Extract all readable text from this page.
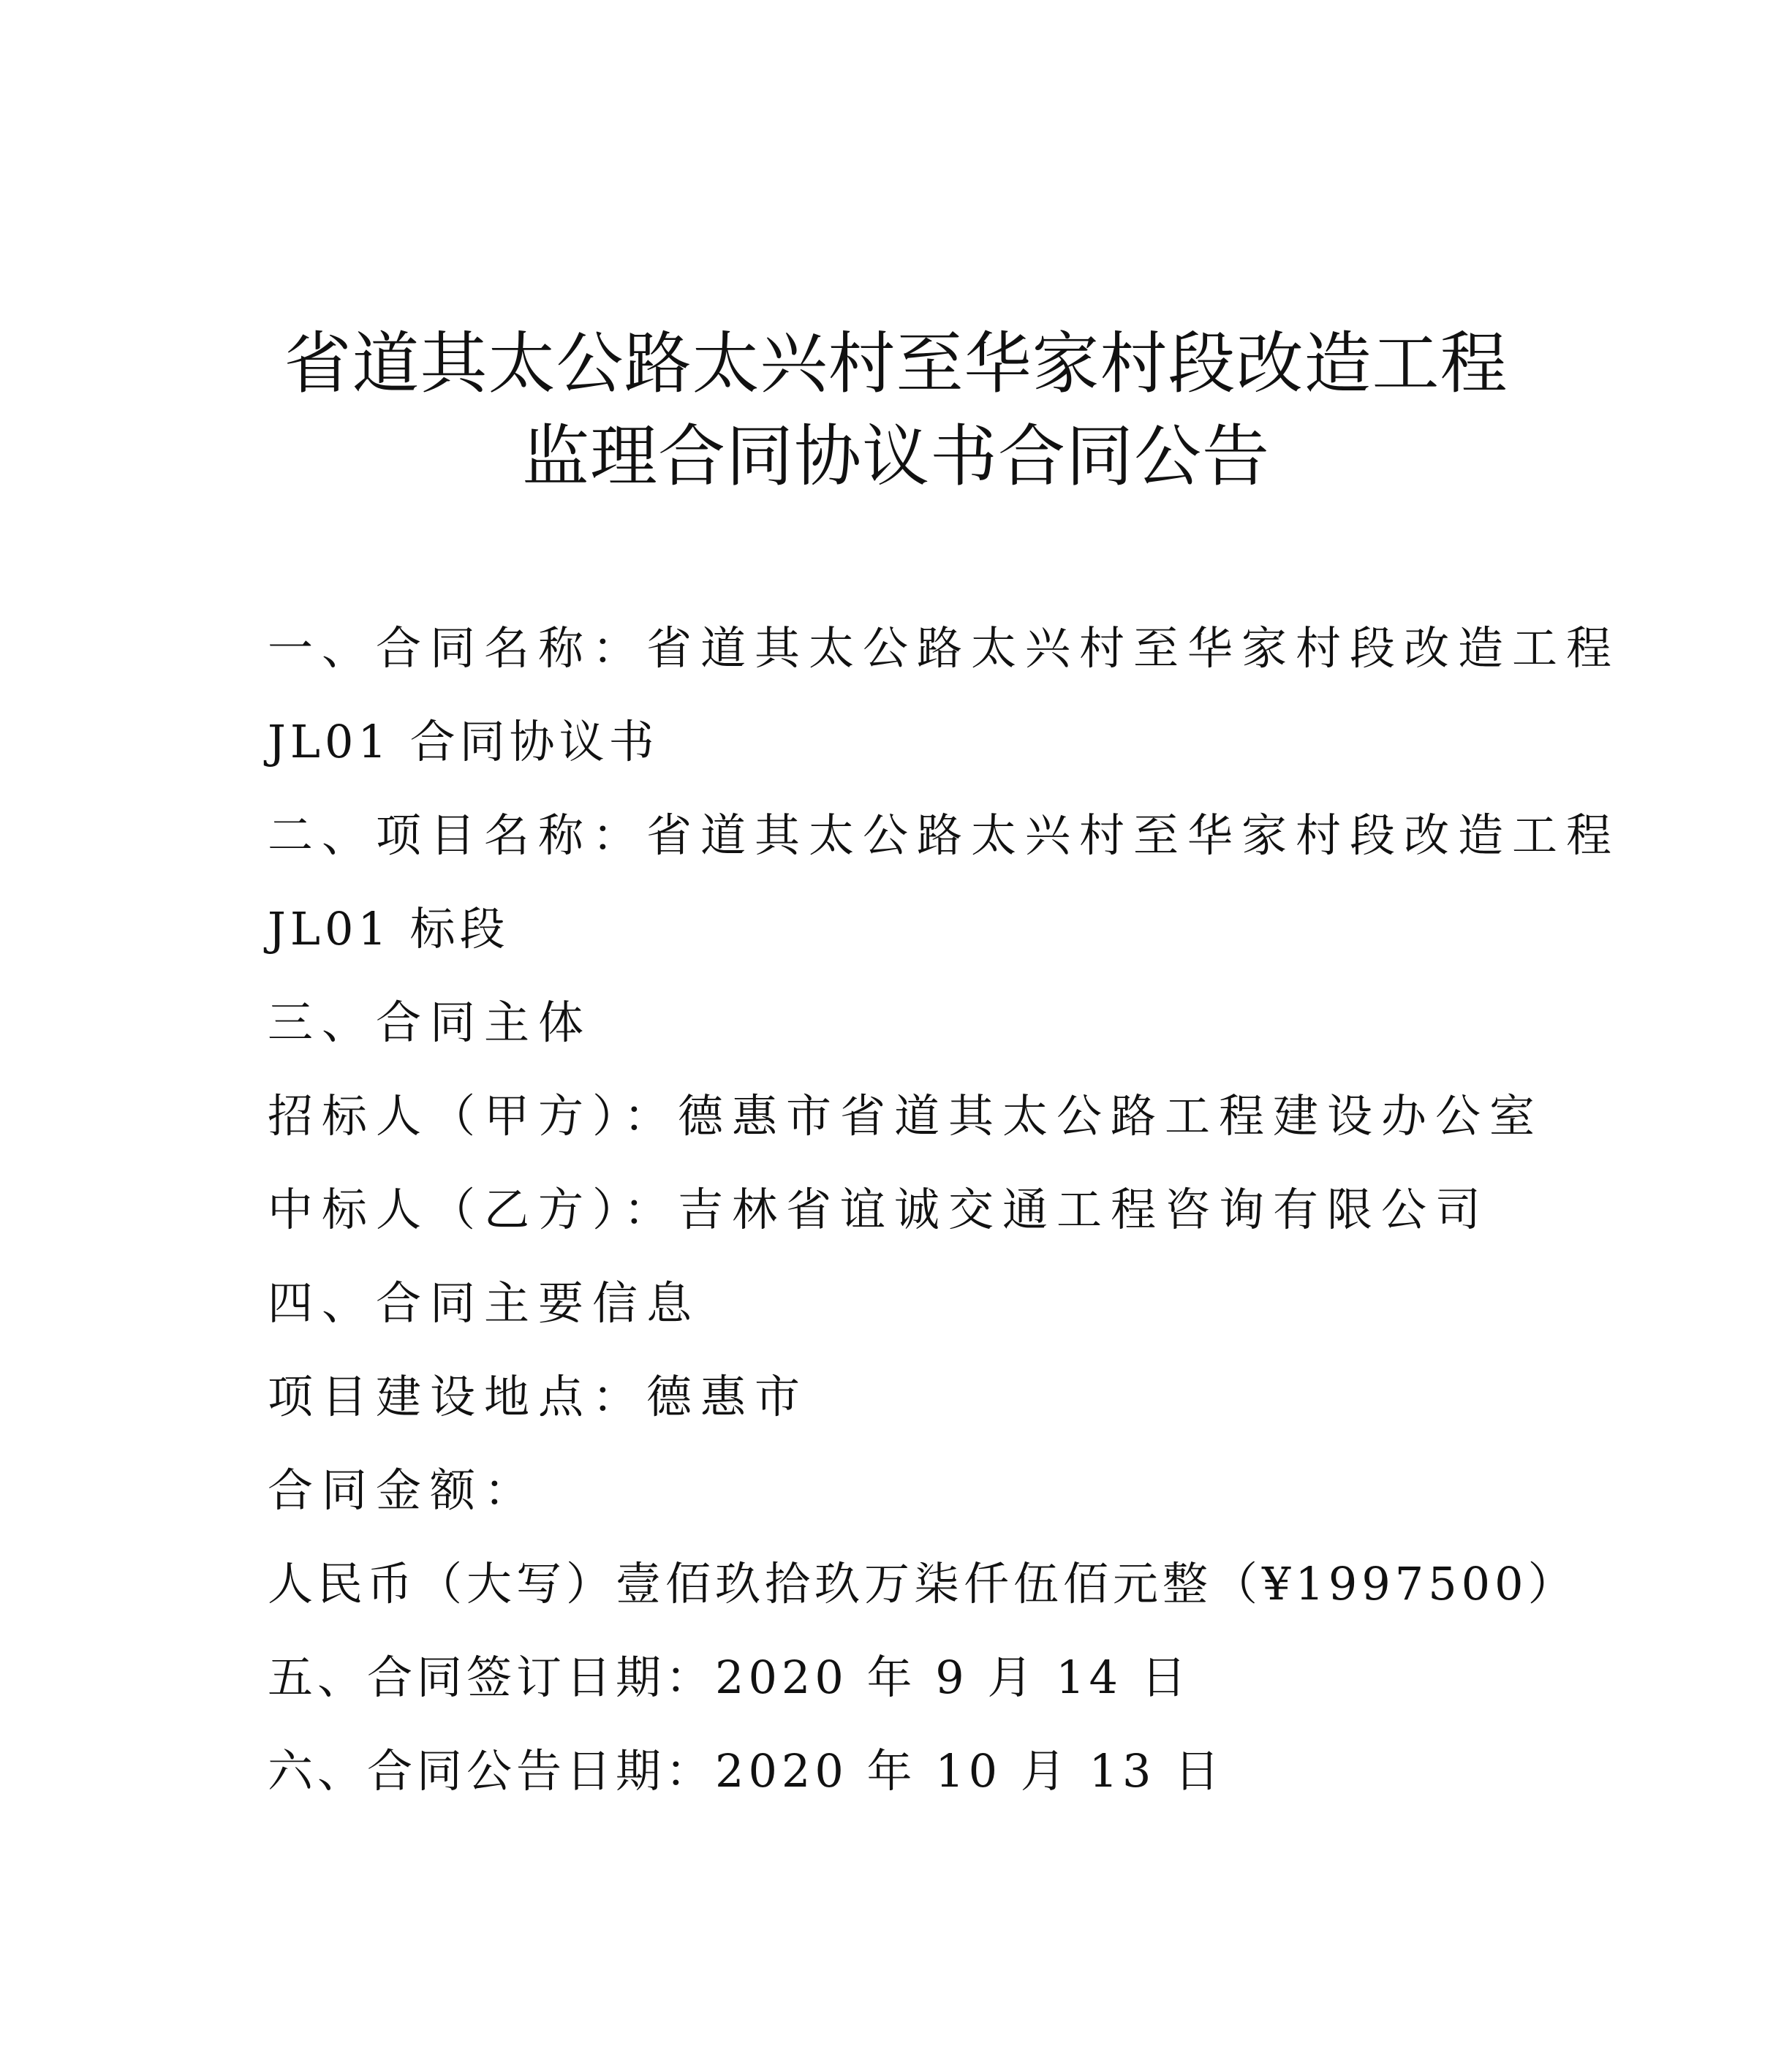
省道其太公路太兴村至华家村段改造工程
监理合同协议书合同公告
一、合同名称：省道其太公路太兴村至华家村段改造工程
JL01 合同协议书
二、项目名称：省道其太公路太兴村至华家村段改造工程
JL01 标段
三、合同主体
招标人（甲方）：德惠市省道其太公路工程建设办公室
中标人（乙方）：吉林省谊诚交通工程咨询有限公司
四、合同主要信息
项目建设地点：德惠市
合同金额：
人民币（大写）壹佰玖拾玖万柒仟伍佰元整（¥1997500）
五、合同签订日期：2020 年 9 月 14 日
六、合同公告日期：2020 年 10 月 13 日
